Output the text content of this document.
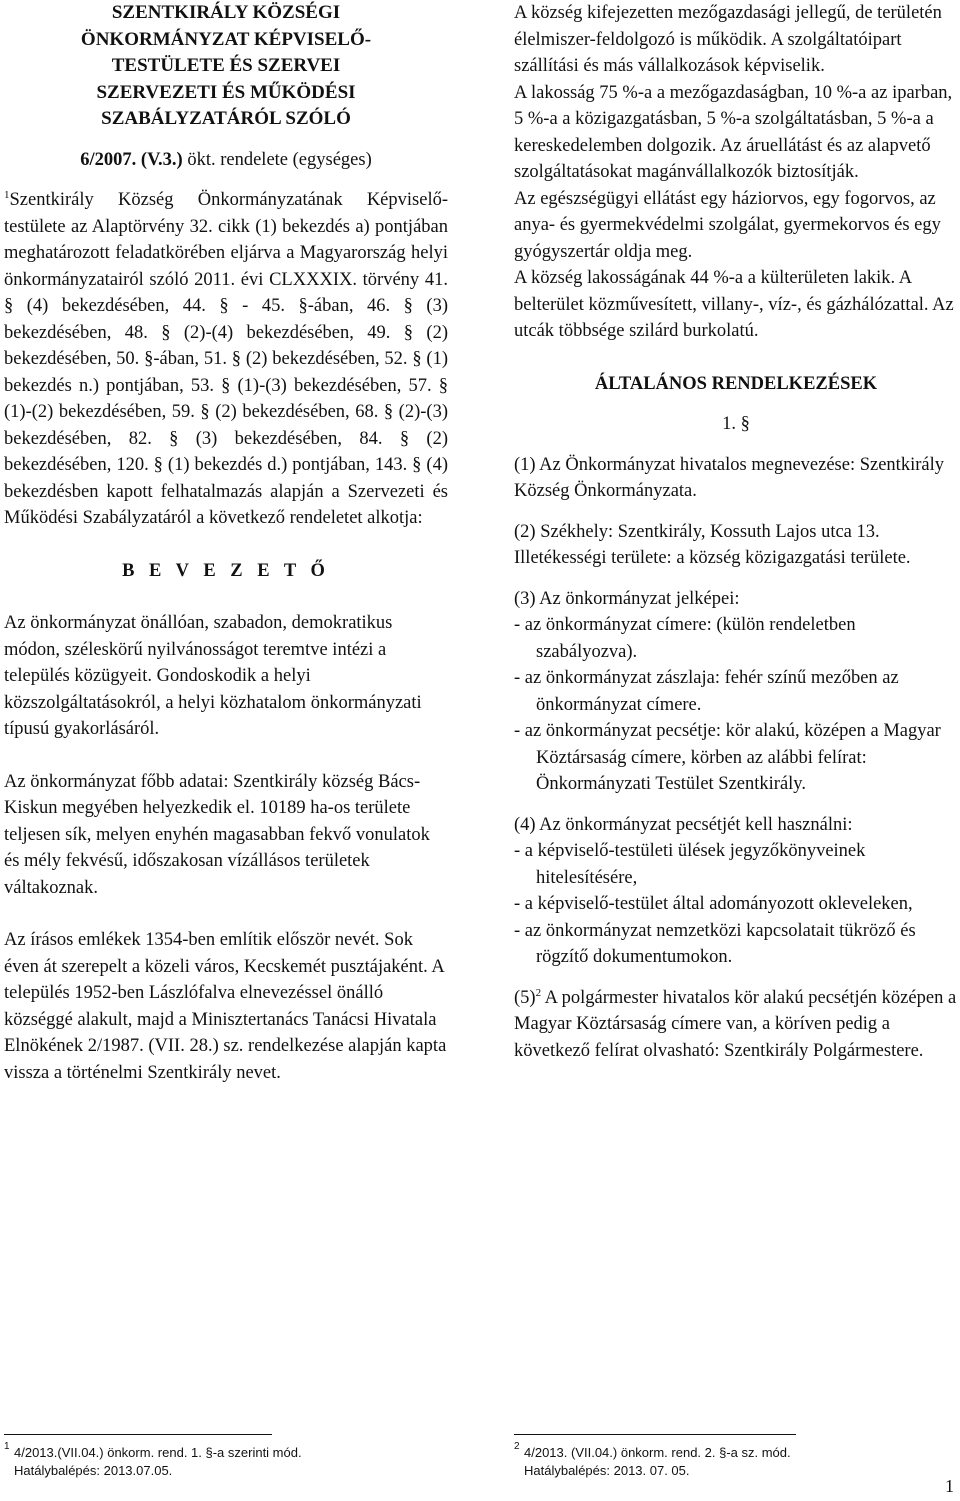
SZENTKIRÁLY KÖZSÉGI

ÖNKORMÁNYZAT KÉPVISELŐ-

TESTÜLETE ÉS SZERVEI

SZERVEZETI ÉS MŰKÖDÉSI

SZABÁLYZATÁRÓL SZÓLÓ

6/2007. (V.3.) ökt. rendelete (egységes)

$^1$Szentkirály Község Önkormányzatának Képviselő-testülete az Alaptörvény 32. cikk (1) bekezdés a) pontjában meghatározott feladatkörében eljárva a Magyarország helyi önkormányzatairól szóló 2011. évi CLXXXIX. törvény 41. § (4) bekezdésében, 44. § - 45. §-ában, 46. § (3) bekezdésében, 48. § (2)-(4) bekezdésében, 49. § (2) bekezdésében, 50. §-ában, 51. § (2) bekezdésében, 52. § (1) bekezdés n.) pontjában, 53. § (1)-(3) bekezdésében, 57. § (1)-(2) bekezdésében, 59. § (2) bekezdésében, 68. § (2)-(3) bekezdésében, 82. § (3) bekezdésében, 84. § (2) bekezdésében, 120. § (1) bekezdés d.) pontjában, 143. § (4) bekezdésben kapott felhatalmazás alapján a Szervezeti és Működési Szabályzatáról a következő rendeletet alkotja:

B E V E Z E T Ő

Az önkormányzat önállóan, szabadon, demokratikus módon, széleskörű nyilvánosságot teremtve intézi a település közügyeit. Gondoskodik a helyi közszolgáltatásokról, a helyi közhatalom önkormányzati típusú gyakorlásáról.

Az önkormányzat főbb adatai: Szentkirály község Bács-Kiskun megyében helyezkedik el. 10189 ha-os területe teljesen sík, melyen enyhén magasabban fekvő vonulatok és mély fekvésű, időszakosan vízállásos területek váltakoznak.

Az írásos emlékek 1354-ben említik először nevét. Sok éven át szerepelt a közeli város, Kecskemét pusztájaként. A település 1952-ben Lászlófalva elnevezéssel önálló községgé alakult, majd a Minisztertanács Tanácsi Hivatala Elnökének 2/1987. (VII. 28.) sz. rendelkezése alapján kapta vissza a történelmi Szentkirály nevet.

A község kifejezetten mezőgazdasági jellegű, de területén élelmiszer-feldolgozó is működik. A szolgáltatóipart szállítási és más vállalkozások képviselik.

A lakosság 75 %-a a mezőgazdaságban, 10 %-a az iparban, 5 %-a a közigazgatásban, 5 %-a szolgáltatásban, 5 %-a a kereskedelemben dolgozik. Az áruellátást és az alapvető szolgáltatásokat magánvállalkozók biztosítják.

Az egészségügyi ellátást egy háziorvos, egy fogorvos, az anya- és gyermekvédelmi szolgálat, gyermekorvos és egy gyógyszertár oldja meg.

A község lakosságának 44 %-a a külterületen lakik. A belterület közművesített, villany-, víz-, és gázhálózattal. Az utcák többsége szilárd burkolatú.

ÁLTALÁNOS RENDELKEZÉSEK

1. §

(1) Az Önkormányzat hivatalos megnevezése: Szentkirály Község Önkormányzata.

(2) Székhely: Szentkirály, Kossuth Lajos utca 13.

Illetékességi területe: a község közigazgatási területe.

(3) Az önkormányzat jelképei:

- az önkormányzat címere: (külön rendeletben szabályozva).

- az önkormányzat zászlaja: fehér színű mezőben az önkormányzat címere.

- az önkormányzat pecsétje: kör alakú, középen a Magyar Köztársaság címere, körben az alábbi felírat: Önkormányzati Testület Szentkirály.

(4) Az önkormányzat pecsétjét kell használni:

- a képviselő-testületi ülések jegyzőkönyveinek hitelesítésére,

- a képviselő-testület által adományozott okleveleken,

- az önkormányzat nemzetközi kapcsolatait tükröző és rögzítő dokumentumokon.

$(5)^2$ A polgármester hivatalos kör alakú pecsétjén középen a Magyar Köztársaság címere van, a köríven pedig a következő felírat olvasható: Szentkirály Polgármestere.

1 4/2013.(VII.04.) önkorm. rend. 1. §-a szerinti mód.
Hatálybalépés: 2013.07.05.
2 4/2013. (VII.04.) önkorm. rend. 2. §-a sz. mód.
Hatálybalépés: 2013. 07. 05.
1
